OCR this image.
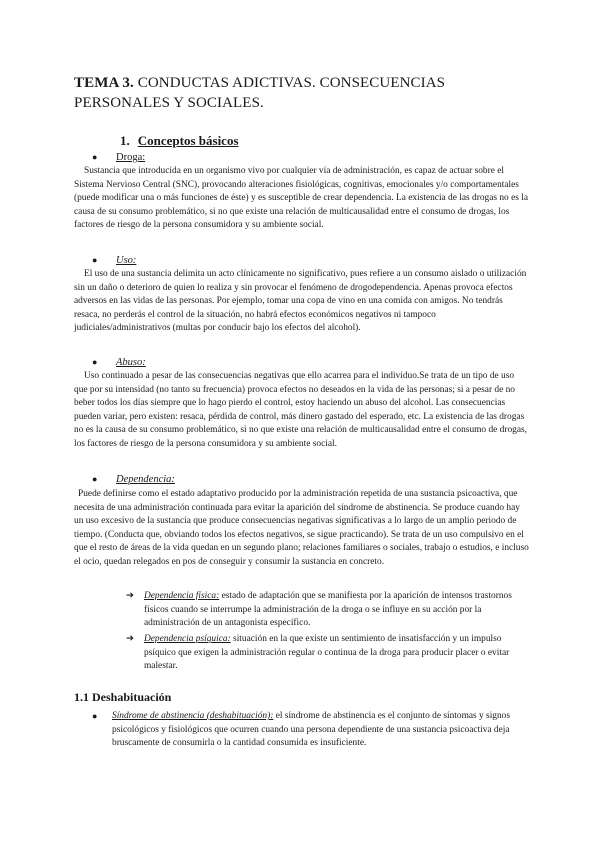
TEMA 3. CONDUCTAS ADICTIVAS. CONSECUENCIAS PERSONALES Y SOCIALES.
1. Conceptos básicos
● Droga:
Sustancia que introducida en un organismo vivo por cualquier vía de administración, es capaz de actuar sobre el Sistema Nervioso Central (SNC), provocando alteraciones fisiológicas, cognitivas, emocionales y/o comportamentales (puede modificar una o más funciones de éste) y es susceptible de crear dependencia. La existencia de las drogas no es la causa de su consumo problemático, si no que existe una relación de multicausalidad entre el consumo de drogas, los factores de riesgo de la persona consumidora y su ambiente social.
● Uso:
El uso de una sustancia delimita un acto clínicamente no significativo, pues refiere a un consumo aislado o utilización sin un daño o deterioro de quien lo realiza y sin provocar el fenómeno de drogodependencia. Apenas provoca efectos adversos en las vidas de las personas. Por ejemplo, tomar una copa de vino en una comida con amigos. No tendrás resaca, no perderás el control de la situación, no habrá efectos económicos negativos ni tampoco judiciales/administrativos (multas por conducir bajo los efectos del alcohol).
● Abuso:
Uso continuado a pesar de las consecuencias negativas que ello acarrea para el individuo.Se trata de un tipo de uso que por su intensidad (no tanto su frecuencia) provoca efectos no deseados en la vida de las personas; si a pesar de no beber todos los días siempre que lo hago pierdo el control, estoy haciendo un abuso del alcohol. Las consecuencias pueden variar, pero existen: resaca, pérdida de control, más dinero gastado del esperado, etc. La existencia de las drogas no es la causa de su consumo problemático, si no que existe una relación de multicausalidad entre el consumo de drogas, los factores de riesgo de la persona consumidora y su ambiente social.
● Dependencia:
Puede definirse como el estado adaptativo producido por la administración repetida de una sustancia psicoactiva, que necesita de una administración continuada para evitar la aparición del síndrome de abstinencia. Se produce cuando hay un uso excesivo de la sustancia que produce consecuencias negativas significativas a lo largo de un amplio periodo de tiempo. (Conducta que, obviando todos los efectos negativos, se sigue practicando). Se trata de un uso compulsivo en el que el resto de áreas de la vida quedan en un segundo plano; relaciones familiares o sociales, trabajo o estudios, e incluso el ocio, quedan relegados en pos de conseguir y consumir la sustancia en concreto.
➔ Dependencia física: estado de adaptación que se manifiesta por la aparición de intensos trastornos físicos cuando se interrumpe la administración de la droga o se influye en su acción por la administración de un antagonista específico.
➔ Dependencia psíquica: situación en la que existe un sentimiento de insatisfacción y un impulso psíquico que exigen la administración regular o continua de la droga para producir placer o evitar malestar.
1.1 Deshabituación
● Síndrome de abstinencia (deshabituación): el síndrome de abstinencia es el conjunto de síntomas y signos psicológicos y fisiológicos que ocurren cuando una persona dependiente de una sustancia psicoactiva deja bruscamente de consumirla o la cantidad consumida es insuficiente.
